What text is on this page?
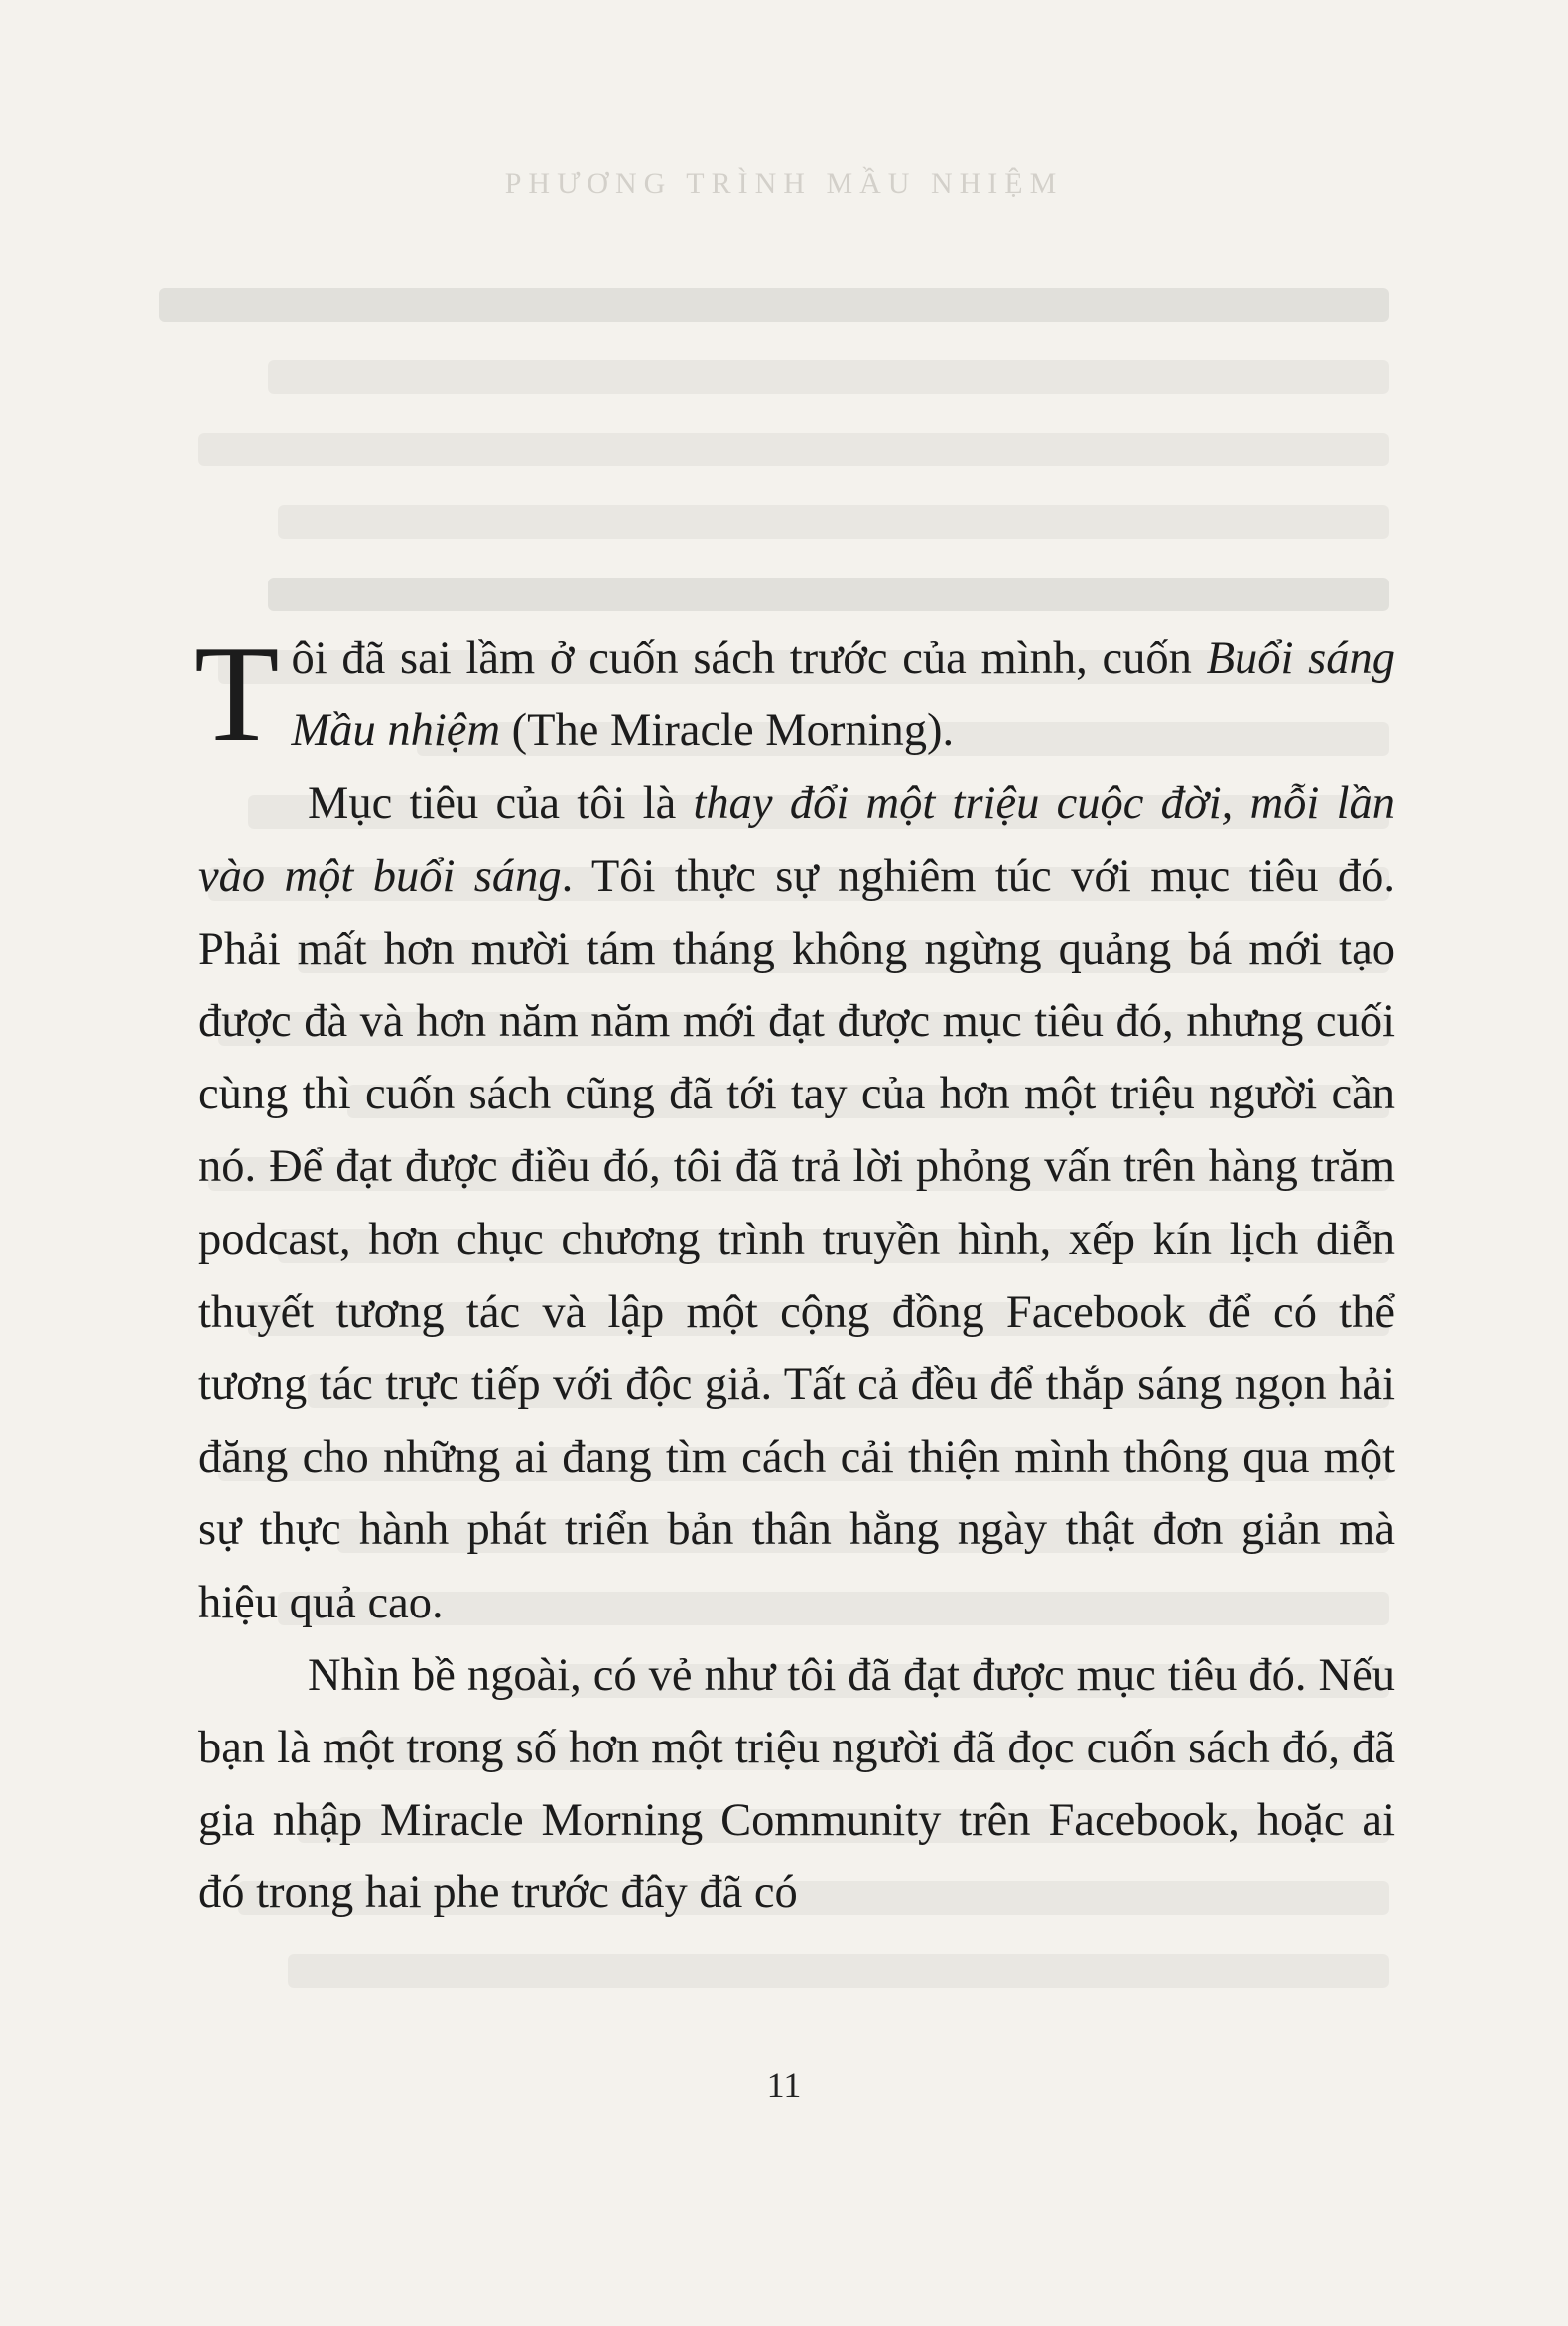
PHƯƠNG TRÌNH MẦU NHIỆM

Tôi đã sai lầm ở cuốn sách trước của mình, cuốn Buổi sáng Mầu nhiệm (The Miracle Morning).

Mục tiêu của tôi là thay đổi một triệu cuộc đời, mỗi lần vào một buổi sáng. Tôi thực sự nghiêm túc với mục tiêu đó. Phải mất hơn mười tám tháng không ngừng quảng bá mới tạo được đà và hơn năm năm mới đạt được mục tiêu đó, nhưng cuối cùng thì cuốn sách cũng đã tới tay của hơn một triệu người cần nó. Để đạt được điều đó, tôi đã trả lời phỏng vấn trên hàng trăm podcast, hơn chục chương trình truyền hình, xếp kín lịch diễn thuyết tương tác và lập một cộng đồng Facebook để có thể tương tác trực tiếp với độc giả. Tất cả đều để thắp sáng ngọn hải đăng cho những ai đang tìm cách cải thiện mình thông qua một sự thực hành phát triển bản thân hằng ngày thật đơn giản mà hiệu quả cao.

Nhìn bề ngoài, có vẻ như tôi đã đạt được mục tiêu đó. Nếu bạn là một trong số hơn một triệu người đã đọc cuốn sách đó, đã gia nhập Miracle Morning Community trên Facebook, hoặc ai đó trong hai phe trước đây đã có

11
